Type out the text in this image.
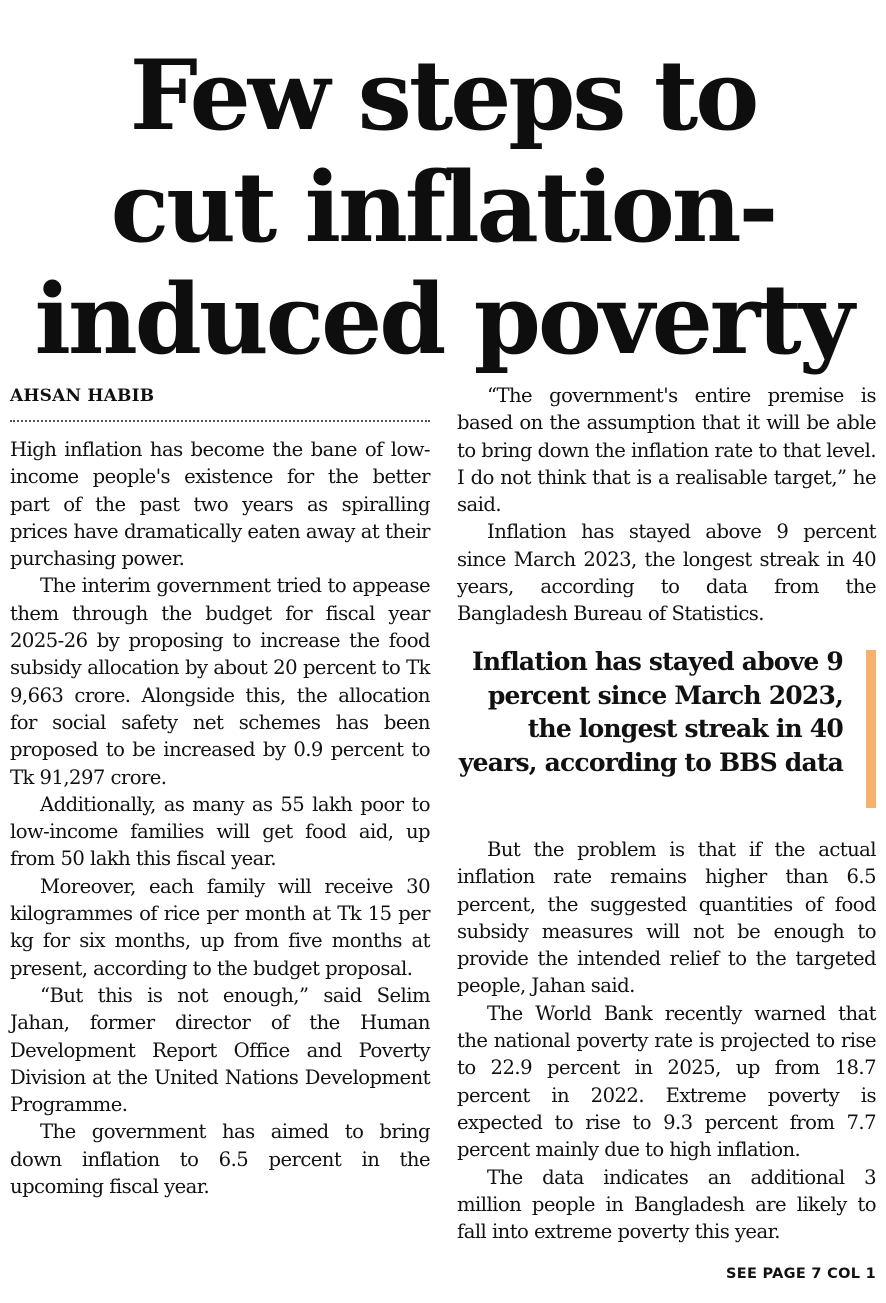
Few steps to
cut inflation-
induced poverty
AHSAN HABIB

High inflation has become the bane of low-income people's existence for the better part of the past two years as spiralling prices have dramatically eaten away at their purchasing power.

The interim government tried to appease them through the budget for fiscal year 2025-26 by proposing to increase the food subsidy allocation by about 20 percent to Tk 9,663 crore. Alongside this, the allocation for social safety net schemes has been proposed to be increased by 0.9 percent to Tk 91,297 crore.

Additionally, as many as 55 lakh poor to low-income families will get food aid, up from 50 lakh this fiscal year.

Moreover, each family will receive 30 kilogrammes of rice per month at Tk 15 per kg for six months, up from five months at present, according to the budget proposal.

“But this is not enough,” said Selim Jahan, former director of the Human Development Report Office and Poverty Division at the United Nations Development Programme.

The government has aimed to bring down inflation to 6.5 percent in the upcoming fiscal year.

“The government's entire premise is based on the assumption that it will be able to bring down the inflation rate to that level. I do not think that is a realisable target,” he said.

Inflation has stayed above 9 percent since March 2023, the longest streak in 40 years, according to data from the Bangladesh Bureau of Statistics.

Inflation has stayed above 9 percent since March 2023, the longest streak in 40 years, according to BBS data

But the problem is that if the actual inflation rate remains higher than 6.5 percent, the suggested quantities of food subsidy measures will not be enough to provide the intended relief to the targeted people, Jahan said.

The World Bank recently warned that the national poverty rate is projected to rise to 22.9 percent in 2025, up from 18.7 percent in 2022. Extreme poverty is expected to rise to 9.3 percent from 7.7 percent mainly due to high inflation.

The data indicates an additional 3 million people in Bangladesh are likely to fall into extreme poverty this year.

SEE PAGE 7 COL 1
